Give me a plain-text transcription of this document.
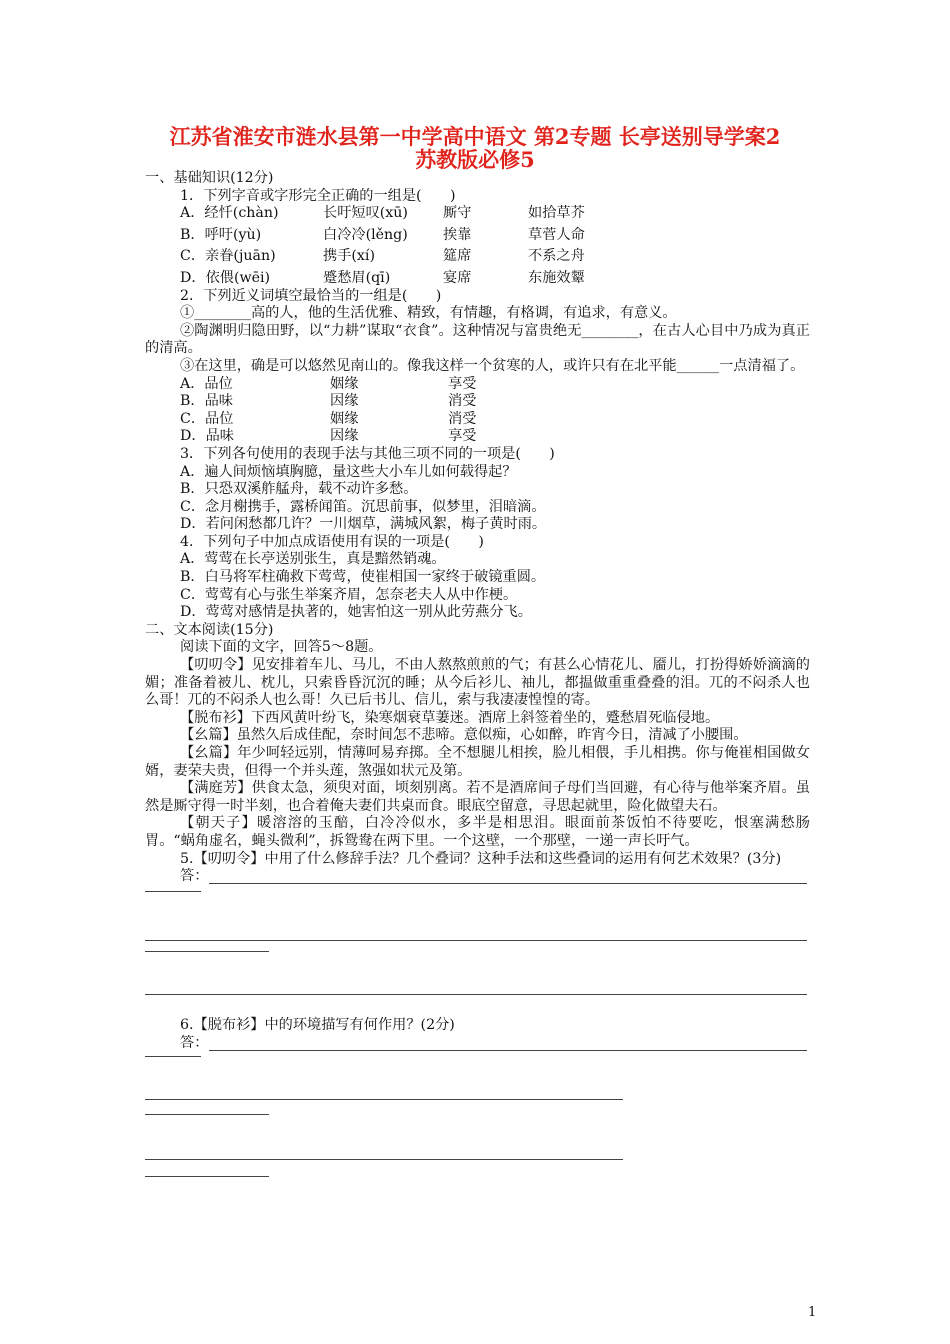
江苏省淮安市涟水县第一中学高中语文 第2专题 长亭送别导学案2
苏教版必修5

一、基础知识(12分)

1．下列字音或字形完全正确的一组是(　　)

A．经忏(chàn)	长吁短叹(xū)	厮守	如拾草芥
B．呼吁(yù)	白冷冷(lěng)	挨靠	草菅人命
C．亲眷(juān)	携手(xí)	筵席	不系之舟
D．依偎(wēi)	蹙愁眉(qī)	宴席	东施效颦

2．下列近义词填空最恰当的一组是(　　)

①________高的人，他的生活优雅、精致，有情趣，有格调，有追求，有意义。

②陶渊明归隐田野，以“力耕”谋取“衣食”。这种情况与富贵绝无________，在古人心目中乃成为真正的清高。

③在这里，确是可以悠然见南山的。像我这样一个贫寒的人，或许只有在北平能______一点清福了。

A．品位	姻缘	享受
B．品味	因缘	消受
C．品位	姻缘	消受
D．品味	因缘	享受

3．下列各句使用的表现手法与其他三项不同的一项是(　　)

A．遍人间烦恼填胸臆，量这些大小车儿如何载得起？

B．只恐双溪舴艋舟，载不动许多愁。

C．念月榭携手，露桥闻笛。沉思前事，似梦里，泪暗滴。

D．若问闲愁都几许？一川烟草，满城风絮，梅子黄时雨。

4．下列句子中加点成语使用有误的一项是(　　)

A．莺莺在长亭送别张生，真是黯然销魂。

B．白马将军柱确救下莺莺，使崔相国一家终于破镜重圆。

C．莺莺有心与张生举案齐眉，怎奈老夫人从中作梗。

D．莺莺对感情是执著的，她害怕这一别从此劳燕分飞。

二、文本阅读(15分)

阅读下面的文字，回答5～8题。

【叨叨令】见安排着车儿、马儿，不由人熬熬煎煎的气；有甚么心情花儿、靥儿，打扮得娇娇滴滴的媚；准备着被儿、枕儿，只索昏昏沉沉的睡；从今后衫儿、袖儿，都揾做重重叠叠的泪。兀的不闷杀人也么哥！兀的不闷杀人也么哥！久已后书儿、信儿，索与我凄凄惶惶的寄。

【脱布衫】下西风黄叶纷飞，染寒烟衰草萋迷。酒席上斜签着坐的，蹙愁眉死临侵地。

【幺篇】虽然久后成佳配，奈时间怎不悲啼。意似痴，心如醉，昨宵今日，清减了小腰围。

【幺篇】年少呵轻远别，情薄呵易弃掷。全不想腿儿相挨，脸儿相偎，手儿相携。你与俺崔相国做女婿，妻荣夫贵，但得一个并头莲，煞强如状元及第。

【满庭芳】供食太急，须臾对面，顷刻别离。若不是酒席间子母们当回避，有心待与他举案齐眉。虽然是厮守得一时半刻，也合着俺夫妻们共桌而食。眼底空留意，寻思起就里，险化做望夫石。

【朝天子】暖溶溶的玉醅，白冷冷似水，多半是相思泪。眼面前茶饭怕不待要吃，恨塞满愁肠胃。“蜗角虚名，蝇头微利”，拆鸳鸯在两下里。一个这壁，一个那壁，一递一声长吁气。

5.【叨叨令】中用了什么修辞手法？几个叠词？这种手法和这些叠词的运用有何艺术效果？(3分)

答：

6.【脱布衫】中的环境描写有何作用？(2分)

答：
1
